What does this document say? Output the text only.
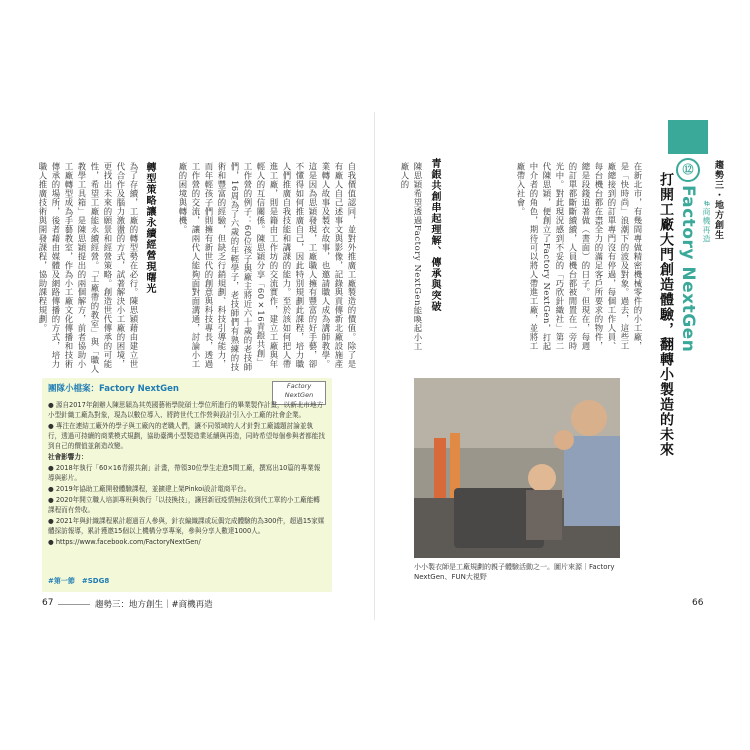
趨勢三・地方創生
#商機再造
⑫
Factory NextGen
打開工廠大門創造體驗，翻轉小製造的未來
在新北市，有幾間專做精密機械零件的小工廠，是「快時尚」浪潮下的波及對象。過去，這些工廠總接到的訂單專門沒有停過，每個工作人員、每台機台都在盡全力的滿足客戶所要求的物件，總是段錢追著做（書面）的日子。但現在，每週的訂單都斷斷續續，人員機台都被閒置在一旁時光中。對此現況感到不妥的「巧欣針織社」第二代陳思穎，便創立了Factory NextGen，打起中介者的角色，期待可以將人帶進工廠，並將工廠帶入社會。
青銀共創串起理解、傳承與突破
陳思穎希望透過Factory NextGen能喚起小工廠人的
小小製衣師是工廠規劃的親子體驗活動之一。圖片來源｜Factory NextGen、FUN大視野
66
自我價值認同，並對外推廣工廠製造的價值。除了是有廠人自己述事文與影像，記錄與貢傳新北廠設施產業轉人故事及製衣故事，也邀請職人成為講師教學。這是因為思穎發現，工廠職人擁有豐富的好手藝，卻不懂得如何推廣自己，因此特別規劃此課程，培力職人們推廣自我技能和講課的能力。至於該如何把人帶進工廠，則是籍由工作坊的交流實作，建立工廠與年輕人的互信關係。陳思穎分享「60×16青銀共創」工作營的例子：60位孩子與廠主將近六十歲的老技師們，16周為了六歲的年輕學子，老技師們有熟練的技術和豐富的經驗，但缺乏行銷規劃、科技引導能力，而年輕孩子們則擁有新世代的創意與科技專長，透過工作營的交流，讓兩代人能夠面對面溝通，討論小工廠的困境與轉機。
轉型策略讓永續經營現曙光
為了存續，工廠的轉型勢在必行。陳思穎藉由建立世代合作及腦力激盪的方式，試著解決小工廠的困境，更找出未來的願景和經營策略。創造世代傳承的可能性，希望工廠能永續經營。「工廠帶的教室」與「職人教學工具箱」是陳思穎提出的兩個解方，前者協助小工廠轉型成為手藝教室，作為小工廠文化傳播和技術傳承的場所，後者藉由媒體及網路傳播的方式，培力職人推廣技術與開發課程，協助課程規劃。
團隊小檔案：Factory NextGen	Factory NextGen

● 源自2017年創辦人陳思穎為其英國藝術學院碩士學位所進行的畢業製作計畫，以新北市地方小型針織工廠為對象，現為以數位導入、將跨世代工作營與設計引入小工廠的社會企業。

● 專注在連結工廠外的學子與工廠內的老職人們，讓不同領域的人才針對工廠議題討論並執行，透過可持續的商業模式規劃，協助臺灣小型製造業延續與再造，同時希望每個參與者都能找到自己的價值並創造改變。

社會影響力：

● 2018年執行「60×16青銀共創」計畫，帶領30位學生走進5間工廠，撰寫出10篇的專業報導與影片。

● 2019年協助工廠開發體驗課程，並擴建上架Pinkoi設計電商平台。

● 2020年開立職人培訓專班與執行「以技換技」，讓回新冠疫情無法收到代工單的小工廠能轉課程而有營收。

● 2021年與針織課程累計超過百人參與，針衣編織課或玩偶完成體驗的為300件，超過15家媒體採訪報導，累計獲邀15個以上機構分享專案，參與分享人數達1000人。

● https://www.facebook.com/FactoryNextGen/

#第一節　#SDG8
67	趨勢三：地方創生｜#商機再造
